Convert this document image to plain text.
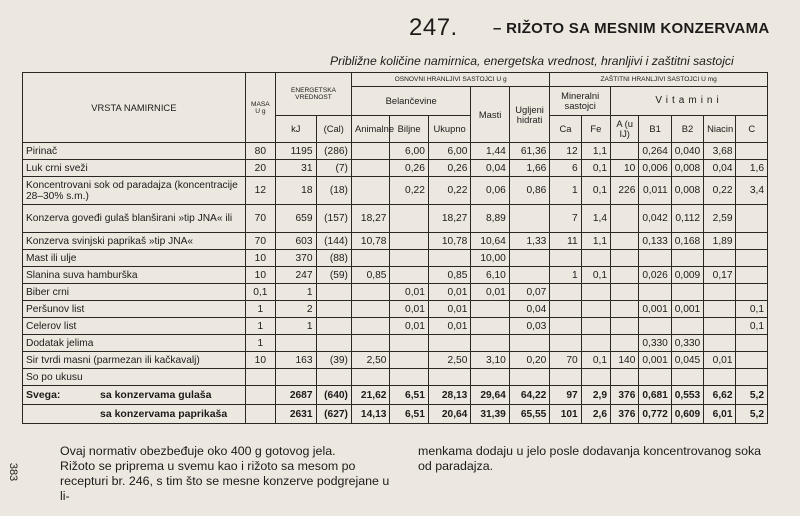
247. – RIŽOTO SA MESNIM KONZERVAMA
Približne količine namirnica, energetska vrednost, hranljivi i zaštitni sastojci
VRSTA NAMIRNICE	MASA U g	ENERGETSKA VREDNOST		OSNOVNI HRANLJIVI SASTOJCI U g					ZAŠTITNI HRANLJIVI SASTOJCI U mg						
				Belančevine			Masti	Ugljeni hidrati	Mineralni sastojci		Vitamini				
		kJ	(Cal)	Animalne	Biljne	Ukupno			Ca	Fe	A (u IJ)	B1	B2	Niacin	C
Pirinač	80	1195	(286)		6,00	6,00	1,44	61,36	12	1,1		0,264	0,040	3,68	
Luk crni sveži	20	31	(7)		0,26	0,26	0,04	1,66	6	0,1	10	0,006	0,008	0,04	1,6
Koncentrovani sok od paradajza (koncentracije 28–30% s.m.)	12	18	(18)		0,22	0,22	0,06	0,86	1	0,1	226	0,011	0,008	0,22	3,4
Konzerva goveđi gulaš blanširani »tip JNA« ili	70	659	(157)	18,27		18,27	8,89		7	1,4		0,042	0,112	2,59	
Konzerva svinjski paprikaš »tip JNA«	70	603	(144)	10,78		10,78	10,64	1,33	11	1,1		0,133	0,168	1,89	
Mast ili ulje	10	370	(88)				10,00								
Slanina suva hamburška	10	247	(59)	0,85		0,85	6,10		1	0,1		0,026	0,009	0,17	
Biber crni	0,1	1			0,01	0,01	0,01	0,07							
Peršunov list	1	2			0,01	0,01		0,04				0,001	0,001		0,1
Celerov list	1	1			0,01	0,01		0,03							0,1
Dodatak jelima	1											0,330	0,330		
Sir tvrdi masni (parmezan ili kačkavalj)	10	163	(39)	2,50		2,50	3,10	0,20	70	0,1	140	0,001	0,045	0,01	
So po ukusu															
Svega: sa konzervama gulaša		2687	(640)	21,62	6,51	28,13	29,64	64,22	97	2,9	376	0,681	0,553	6,62	5,2
sa konzervama paprikaša		2631	(627)	14,13	6,51	20,64	31,39	65,55	101	2,6	376	0,772	0,609	6,01	5,2
Ovaj normativ obezbeđuje oko 400 g gotovog jela.
Rižoto se priprema u svemu kao i rižoto sa mesom po recepturi br. 246, s tim što se mesne konzerve podgrejane u li-
menkama dodaju u jelo posle dodavanja koncentrovanog soka od paradajza.
383
